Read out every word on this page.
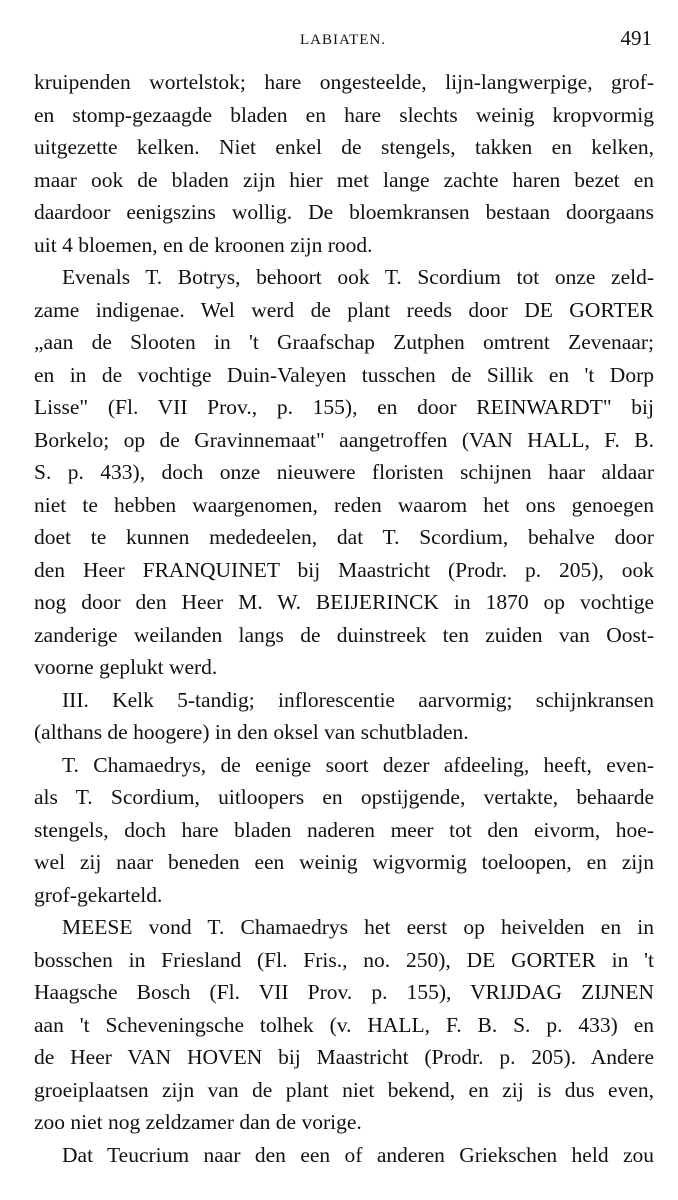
LABIATEN.	491
kruipenden wortelstok; hare ongesteelde, lijn-langwerpige, grof-
en stomp-gezaagde bladen en hare slechts weinig kropvormig
uitgezette kelken. Niet enkel de stengels, takken en kelken,
maar ook de bladen zijn hier met lange zachte haren bezet en
daardoor eenigszins wollig. De bloemkransen bestaan doorgaans
uit 4 bloemen, en de kroonen zijn rood.
Evenals T. Botrys, behoort ook T. Scordium tot onze zeld-
zame indigenae. Wel werd de plant reeds door DE GORTER
„aan de Slooten in 't Graafschap Zutphen omtrent Zevenaar;
en in de vochtige Duin-Valeyen tusschen de Sillik en 't Dorp
Lisse" (Fl. VII Prov., p. 155), en door REINWARDT" bij
Borkelo; op de Gravinnemaat" aangetroffen (VAN HALL, F. B.
S. p. 433), doch onze nieuwere floristen schijnen haar aldaar
niet te hebben waargenomen, reden waarom het ons genoegen
doet te kunnen mededeelen, dat T. Scordium, behalve door
den Heer FRANQUINET bij Maastricht (Prodr. p. 205), ook
nog door den Heer M. W. BEIJERINCK in 1870 op vochtige
zanderige weilanden langs de duinstreek ten zuiden van Oost-
voorne geplukt werd.
III. Kelk 5-tandig; inflorescentie aarvormig; schijnkransen
(althans de hoogere) in den oksel van schutbladen.
T. Chamaedrys, de eenige soort dezer afdeeling, heeft, even-
als T. Scordium, uitloopers en opstijgende, vertakte, behaarde
stengels, doch hare bladen naderen meer tot den eivorm, hoe-
wel zij naar beneden een weinig wigvormig toeloopen, en zijn
grof-gekarteld.
MEESE vond T. Chamaedrys het eerst op heivelden en in
bosschen in Friesland (Fl. Fris., no. 250), DE GORTER in 't
Haagsche Bosch (Fl. VII Prov. p. 155), VRIJDAG ZIJNEN
aan 't Scheveningsche tolhek (v. HALL, F. B. S. p. 433) en
de Heer VAN HOVEN bij Maastricht (Prodr. p. 205). Andere
groeiplaatsen zijn van de plant niet bekend, en zij is dus even,
zoo niet nog zeldzamer dan de vorige.
Dat Teucrium naar den een of anderen Griekschen held zou
